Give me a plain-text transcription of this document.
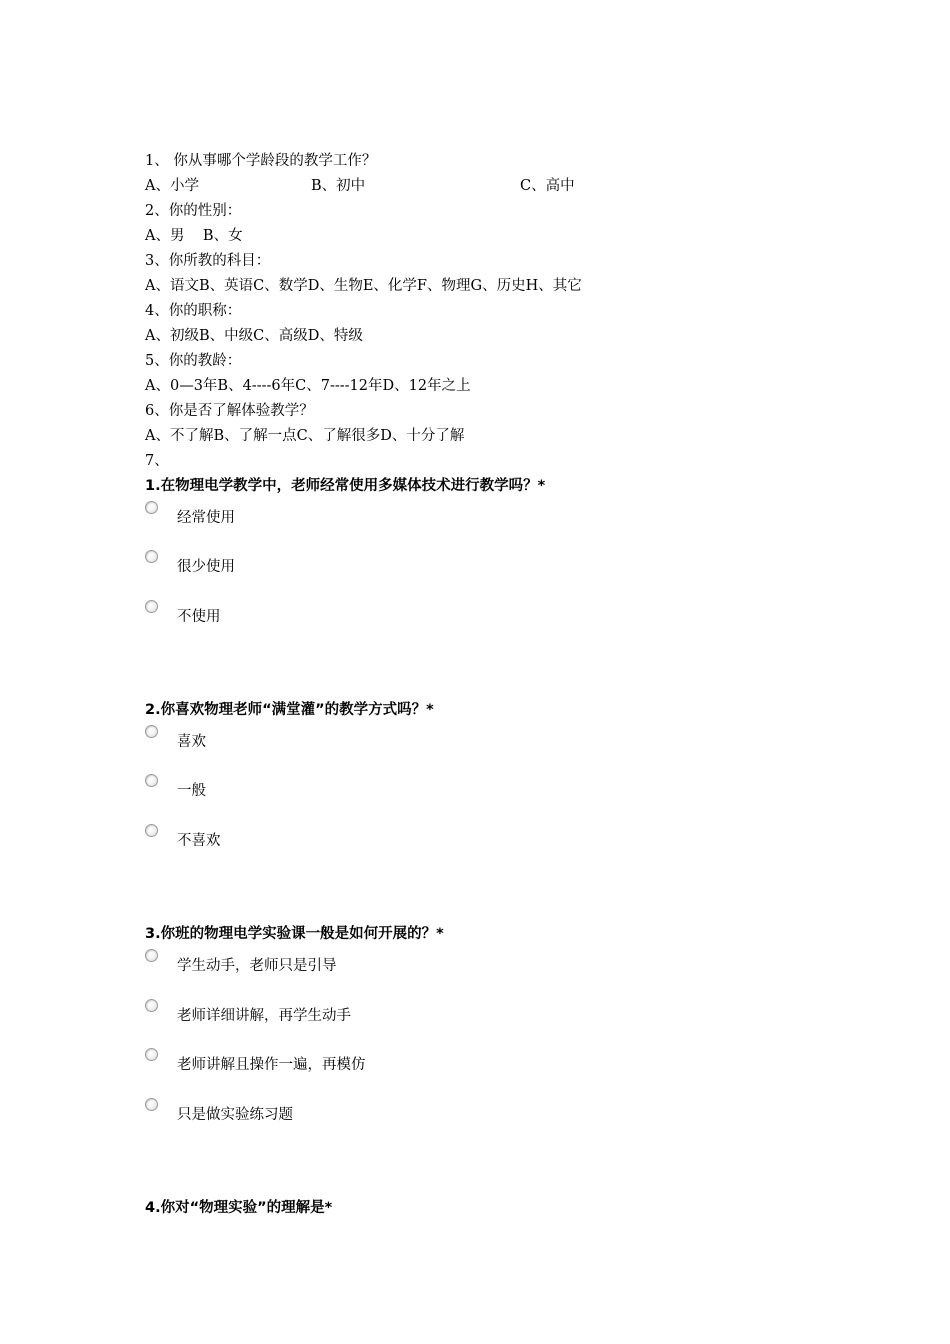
1、 你从事哪个学龄段的教学工作？

A、小学

	B、初中

	C、高中

2、你的性别：
A、男    B、女
3、你所教的科目：
A、语文B、英语C、数学D、生物E、化学F、物理G、历史H、其它
4、你的职称：
A、初级B、中级C、高级D、特级
5、你的教龄：
A、0—3年B、4----6年C、7----12年D、12年之上
6、你是否了解体验教学？
A、不了解B、了解一点C、了解很多D、十分了解
7、
1.在物理电学教学中，老师经常使用多媒体技术进行教学吗？*
经常使用
很少使用
不使用
2.你喜欢物理老师“满堂灌”的教学方式吗？*
喜欢
一般
不喜欢
3.你班的物理电学实验课一般是如何开展的？*
学生动手，老师只是引导
老师详细讲解，再学生动手
老师讲解且操作一遍，再模仿
只是做实验练习题
4.你对“物理实验”的理解是*
